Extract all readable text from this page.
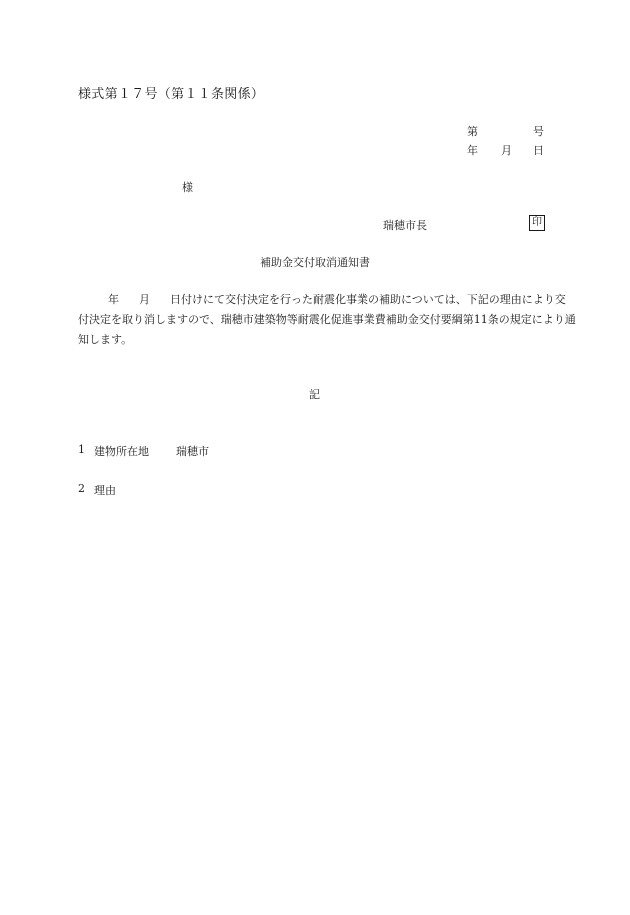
様式第１７号（第１１条関係）
第	号
年 月 日
様
瑞穂市長	印
補助金交付取消通知書
年 月 日付けにて交付決定を行った耐震化事業の補助については、下記の理由により交
付決定を取り消しますので、瑞穂市建築物等耐震化促進事業費補助金交付要綱第11条の規定により通
知します。
記
1 建物所在地 瑞穂市
2 理由
